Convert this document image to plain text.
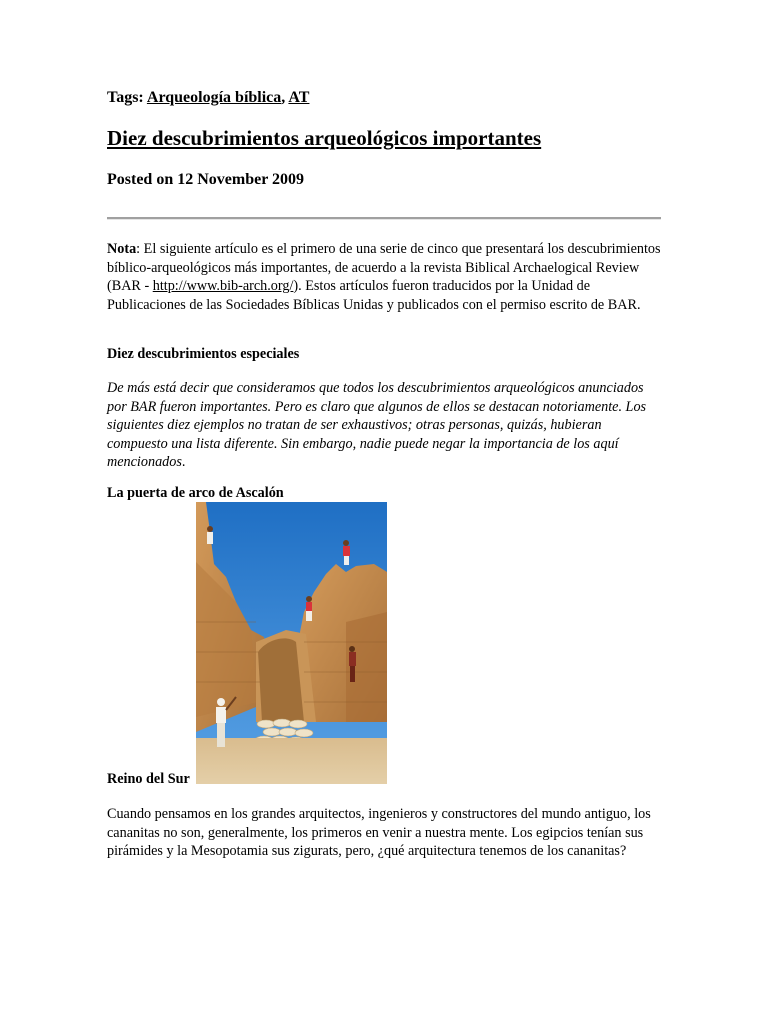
Tags: Arqueología bíblica, AT
Diez descubrimientos arqueológicos importantes
Posted on 12 November 2009

Nota: El siguiente artículo es el primero de una serie de cinco que presentará los descubrimientos bíblico-arqueológicos más importantes, de acuerdo a la revista Biblical Archaelogical Review (BAR - http://www.bib-arch.org/). Estos artículos fueron traducidos por la Unidad de Publicaciones de las Sociedades Bíblicas Unidas y publicados con el permiso escrito de BAR.

Diez descubrimientos especiales

De más está decir que consideramos que todos los descubrimientos arqueológicos anunciados por BAR fueron importantes. Pero es claro que algunos de ellos se destacan notoriamente. Los siguientes diez ejemplos no tratan de ser exhaustivos; otras personas, quizás, hubieran compuesto una lista diferente. Sin embargo, nadie puede negar la importancia de los aquí mencionados.

La puerta de arco de Ascalón
Reino del Sur

Cuando pensamos en los grandes arquitectos, ingenieros y constructores del mundo antiguo, los cananitas no son, generalmente, los primeros en venir a nuestra mente. Los egipcios tenían sus pirámides y la Mesopotamia sus zigurats, pero, ¿qué arquitectura tenemos de los cananitas?
